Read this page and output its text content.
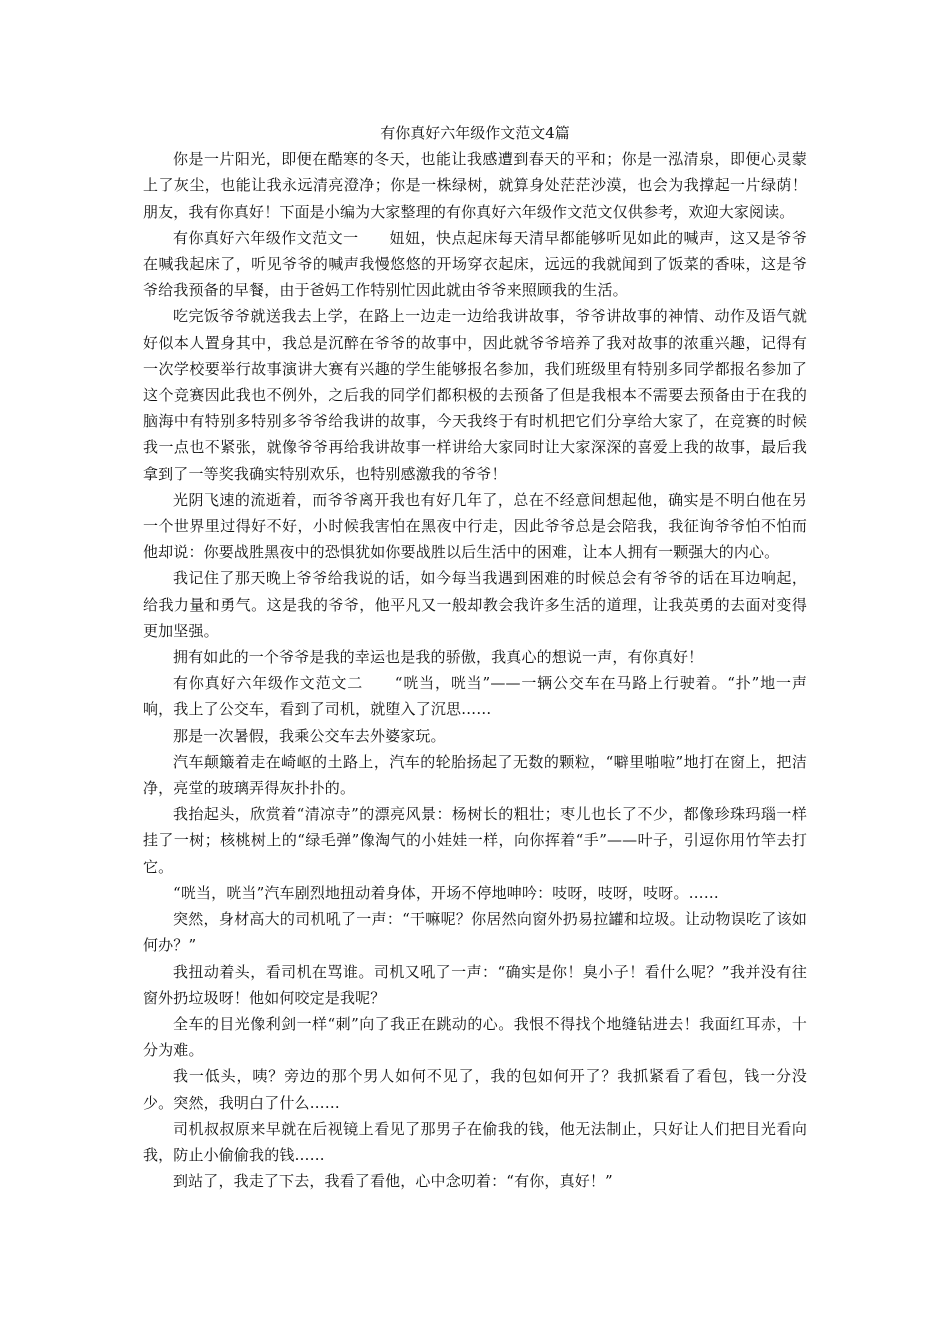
有你真好六年级作文范文4篇

你是一片阳光，即便在酷寒的冬天，也能让我感遭到春天的平和；你是一泓清泉，即便心灵蒙上了灰尘，也能让我永远清亮澄净；你是一株绿树，就算身处茫茫沙漠，也会为我撑起一片绿荫！朋友，我有你真好！下面是小编为大家整理的有你真好六年级作文范文仅供参考，欢迎大家阅读。

有你真好六年级作文范文一　　妞妞，快点起床每天清早都能够听见如此的喊声，这又是爷爷在喊我起床了，听见爷爷的喊声我慢悠悠的开场穿衣起床，远远的我就闻到了饭菜的香味，这是爷爷给我预备的早餐，由于爸妈工作特别忙因此就由爷爷来照顾我的生活。

吃完饭爷爷就送我去上学，在路上一边走一边给我讲故事，爷爷讲故事的神情、动作及语气就好似本人置身其中，我总是沉醉在爷爷的故事中，因此就爷爷培养了我对故事的浓重兴趣，记得有一次学校要举行故事演讲大赛有兴趣的学生能够报名参加，我们班级里有特别多同学都报名参加了这个竞赛因此我也不例外，之后我的同学们都积极的去预备了但是我根本不需要去预备由于在我的脑海中有特别多特别多爷爷给我讲的故事，今天我终于有时机把它们分享给大家了，在竞赛的时候我一点也不紧张，就像爷爷再给我讲故事一样讲给大家同时让大家深深的喜爱上我的故事，最后我拿到了一等奖我确实特别欢乐，也特别感激我的爷爷！

光阴飞速的流逝着，而爷爷离开我也有好几年了，总在不经意间想起他，确实是不明白他在另一个世界里过得好不好，小时候我害怕在黑夜中行走，因此爷爷总是会陪我，我征询爷爷怕不怕而他却说：你要战胜黑夜中的恐惧犹如你要战胜以后生活中的困难，让本人拥有一颗强大的内心。

我记住了那天晚上爷爷给我说的话，如今每当我遇到困难的时候总会有爷爷的话在耳边响起，给我力量和勇气。这是我的爷爷，他平凡又一般却教会我许多生活的道理，让我英勇的去面对变得更加坚强。

拥有如此的一个爷爷是我的幸运也是我的骄傲，我真心的想说一声，有你真好！

有你真好六年级作文范文二　　“咣当，咣当”——一辆公交车在马路上行驶着。“扑”地一声响，我上了公交车，看到了司机，就堕入了沉思……

那是一次暑假，我乘公交车去外婆家玩。

汽车颠簸着走在崎岖的土路上，汽车的轮胎扬起了无数的颗粒，“噼里啪啦”地打在窗上，把洁净，亮堂的玻璃弄得灰扑扑的。

我抬起头，欣赏着“清凉寺”的漂亮风景：杨树长的粗壮；枣儿也长了不少，都像珍珠玛瑙一样挂了一树；核桃树上的“绿毛弹”像淘气的小娃娃一样，向你挥着“手”——叶子，引逗你用竹竿去打它。

“咣当，咣当”汽车剧烈地扭动着身体，开场不停地呻吟：吱呀，吱呀，吱呀。……

突然，身材高大的司机吼了一声：“干嘛呢？你居然向窗外扔易拉罐和垃圾。让动物误吃了该如何办？”

我扭动着头，看司机在骂谁。司机又吼了一声：“确实是你！臭小子！看什么呢？”我并没有往窗外扔垃圾呀！他如何咬定是我呢？

全车的目光像利剑一样“刺”向了我正在跳动的心。我恨不得找个地缝钻进去！我面红耳赤，十分为难。

我一低头，咦？旁边的那个男人如何不见了，我的包如何开了？我抓紧看了看包，钱一分没少。突然，我明白了什么……

司机叔叔原来早就在后视镜上看见了那男子在偷我的钱，他无法制止，只好让人们把目光看向我，防止小偷偷我的钱……

到站了，我走了下去，我看了看他，心中念叨着：“有你，真好！”
